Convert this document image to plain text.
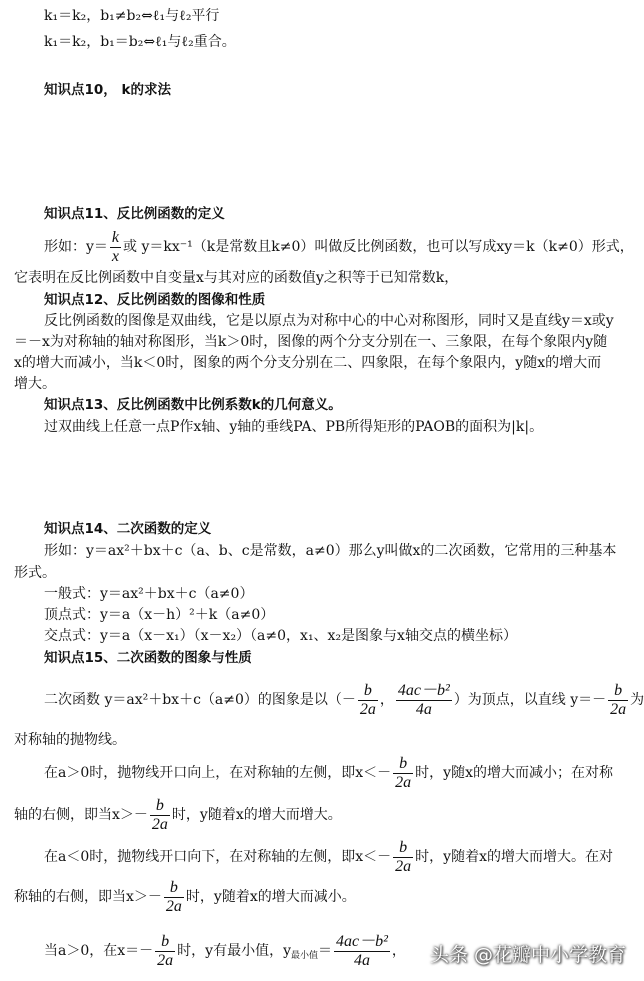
k₁＝k₂，b₁≠b₂⇔ℓ₁与ℓ₂平行
k₁＝k₂，b₁＝b₂⇔ℓ₁与ℓ₂重合。
知识点10， k的求法
知识点11、反比例函数的定义
形如：$y= \frac{k}{x}$ 或 y＝kx⁻¹（k是常数且k≠0）叫做反比例函数，也可以写成xy＝k（k≠0）形式，
它表明在反比例函数中自变量x与其对应的函数值y之积等于已知常数k，
知识点12、反比例函数的图像和性质
反比例函数的图像是双曲线，它是以原点为对称中心的中心对称图形，同时又是直线y＝x或y
＝－x为对称轴的轴对称图形，当k＞0时，图像的两个分支分别在一、三象限，在每个象限内y随
x的增大而减小，当k＜0时，图象的两个分支分别在二、四象限，在每个象限内，y随x的增大而
增大。
知识点13、反比例函数中比例系数k的几何意义。
过双曲线上任意一点P作x轴、y轴的垂线PA、PB所得矩形的PAOB的面积为|k|。
知识点14、二次函数的定义
形如：y＝ax²＋bx＋c（a、b、c是常数，a≠0）那么y叫做x的二次函数，它常用的三种基本
形式。
一般式：y＝ax²＋bx＋c（a≠0）
顶点式：y＝a（x－h）²＋k（a≠0）
交点式：y＝a（x－x₁）（x－x₂）（a≠0，x₁、x₂是图象与x轴交点的横坐标）
知识点15、二次函数的图象与性质
二次函数 y＝ax²＋bx＋c（a≠0）的图象是以（－ $\frac{b}{2a}$ ， $\frac{\text{4ac－b²}}{4a}$ ）为顶点，以直线 $y=- \frac{b}{2a}$ 为
对称轴的抛物线。
在a＞0时，抛物线开口向上，在对称轴的左侧，即$x<- \frac{b}{2a}$ 时，y随x的增大而减小；在对称
轴的右侧，即当$x>- \frac{b}{2a}$ 时，y随着x的增大而增大。
在a＜0时，抛物线开口向下，在对称轴的左侧，即$x<- \frac{b}{2a}$ 时，y随着x的增大而增大。在对
称轴的右侧，即当$x>- \frac{b}{2a}$ 时，y随着x的增大而减小。
当a＞0，在$x=- \frac{b}{2a}$ 时，y有最小值，$y_{最小值}= \frac{\text{4ac－b²}}{4a}$ ， 头条 @花瓣中小学教育
